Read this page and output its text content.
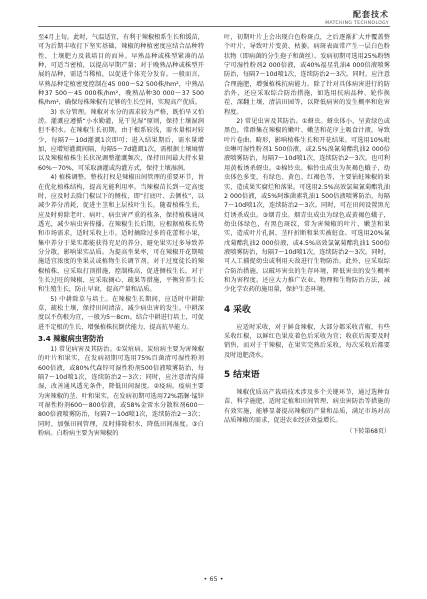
配套技术
MATCHING TECHNOLOGY

至4月上旬。此时，气温适宜，有利于辣椒根系生长和缓苗，可为后期丰收打下坚实基础，辣椒的种植密度应结合品种特性、土壤肥力及栽培目的而异。早熟品种或株型紧凑的品种，可适当密植，以提高早期产量；对于晚熟品种或株型开展的品种，需适当稀植，以促进个体充分发育。一般而言，早熟品种定植密度控制在45 000～52 500株/hm²，中熟品种37 500～45 000株/hm²，晚熟品种30 000～37 500株/hm²，确保每株辣椒有足够的生长空间，实现高产优质。

3) 水分管理。辣椒对水分的需求较为严格，既怕旱又怕涝。灌溉应遵循“小水勤灌，见干见湿”原则，保持土壤湿润但不积水。在辣椒生长初期，由于根系较浅，需水量相对较少，每隔7～10d灌溉1次即可；进入结果期后，需水量增加，应增短灌溉间隔，每隔5～7d灌溉1次，需根据土壤墒情以及辣椒植株生长状况调整灌溉频次，保持田间最大持水量60%～70%，可采取滴灌或沟灌方式，保持土壤湿润。

4) 植株调整。整枝打杈是辣椒田间管理的重要环节，旨在优化植株结构，提高光能利用率。当辣椒苗长到一定高度时，应及时去除门椒以下的侧枝，即“打底叶、去侧枝”，以减少养分消耗，促进主茎和上层枝叶生长。随着植株生长，应及时剪除老叶、病叶、病虫害严重的枝条，保持植株通风透光，减少病虫害传播。在辣椒生长后期，应根据植株长势和市场需求，适时采收上市。适时摘除过多的花蕾和小果，集中养分于果实都能获得充足的养分，避免果实过多导致养分分散，影响果实品质。为提高坐果率，可在辣椒开花期喷施适宜浓度的坐果灵或植物生长调节剂。对于过度徒长的辣椒植株，应采取打顶措施，控制株高，促进侧枝生长。对于生长过旺的辣椒，应采取摘心、疏果等措施，平衡营养生长和生殖生长，防止早衰，提高产量和品质。

5) 中耕除草与培土。在辣椒生长期间，应适时中耕除草，疏松土壤，保持田间清洁，减少病虫害的发生。中耕深度以不伤根为宜，一般为5～8cm。结合中耕进行培土，可促进不定根的生长，增强植株抗倒伏能力，提高抗旱能力。

3.4 辣椒病虫害防治

1) 常见病害及其防治。①炭疽病。炭疽病主要为害辣椒的叶片和果实，在发病初期可选用75%百菌清可湿性粉剂600倍液，或80%代森锌可湿性粉剂500倍液喷雾防治，每隔7～10d喷1次，连续防治2～3次；同时，应注意清沟排湿，改善通风透光条件，降低田间湿度。②疫病。疫病主要为害辣椒的茎、叶和果实，在发病初期可选用72%霜脲·锰锌可湿性粉剂600～800倍液，或58%金雷水分散粒剂600～800倍液喷雾防治，每隔7～10d喷1次，连续防治2～3次；同时，加强田间管理，及时排除积水，降低田间湿度。③白粉病。白粉病主要为害辣椒的

叶，初期叶片上会出现白色粉斑点，之后逐渐扩大并覆盖整个叶片，导致叶片变黄、枯萎。病斑表面常产生一层白色粉状物（即病菌的分生孢子和菌丝）。发病初期可选用25%粉锈宁可湿性粉剂2 000倍液，或40%福星乳油4 000倍液喷雾防治，每隔7～10d喷1次，连续防治2～3次。同时，应注意合理施肥，增强植株抗病能力。除了针对具体病害进行的防治外，还应采取综合防治措施，如选用抗病品种、轮作换茬、深翻土壤、清洁田园等，以降低病害的发生概率和危害程度。

2) 常见虫害及其防治。①蚜虫。蚜虫体小，呈黄绿色或黑色，常群集在辣椒的嫩叶、嫩茎和花序上吸食汁液，导致叶片卷曲、畸形，影响植株生长和开花结果。可选用10%吡虫啉可湿性粉剂1 500倍液，或2.5%溴氰菊酯乳油2 000倍液喷雾防治，每隔7～10d喷1次，连续防治2～3次。也可利用黄板诱杀蚜虫。②棉铃虫。棉铃虫成虫为灰褐色蛾子，幼虫体色多变，有绿色、黄色、红褐色等，主要钻蛀辣椒的果实，造成果实腐烂和落果。可选用2.5%高效氯氟氰菊酯乳油2 000倍液，或5%阿维菌素乳油1 500倍液喷雾防治，每隔7～10d喷1次，连续防治2～3次。同时，可在田间设置黑光灯诱杀成虫。③烟青虫。烟青虫成虫为绿色或黄褐色蛾子，幼虫体绿色，有黑色斑纹，常为害辣椒的叶片、嫩茎和果实，造成叶片孔洞、茎秆折断和果实被蛀食。可选用20%氰戊菊酯乳油2 000倍液，或4.5%高效氯氰菊酯乳油1 500倍液喷雾防治，每隔7～10d喷1次，连续防治2～3次。同时，可人工捕捉幼虫或利用天敌进行生物防治。此外，应采取综合防治措施，以破坏害虫的生存环境，降低害虫的发生概率和为害程度。还应大力推广农业、物理和生物防治方法，减少化学农药的施用量，保护生态环境。

4 采收

应适时采收，对于鲜食辣椒，大部分都采收青椒，有些采收红椒，以鲜红色果皮着色后采收为宜；收获后需要及时销售，而对于干辣椒，在果实完熟后采收，每次采收后都要及时追肥浇水。

5 结束语

辣椒优质高产栽培技术涉及多个关键环节，通过选种育苗、科学施肥、适时定植和田间管理、病虫害防治等措施的有效实施，能够显著提高辣椒的产量和品质，满足市场对高品质辣椒的需求，促进农业经济效益增长。

（下转第68页）
• 65 •
